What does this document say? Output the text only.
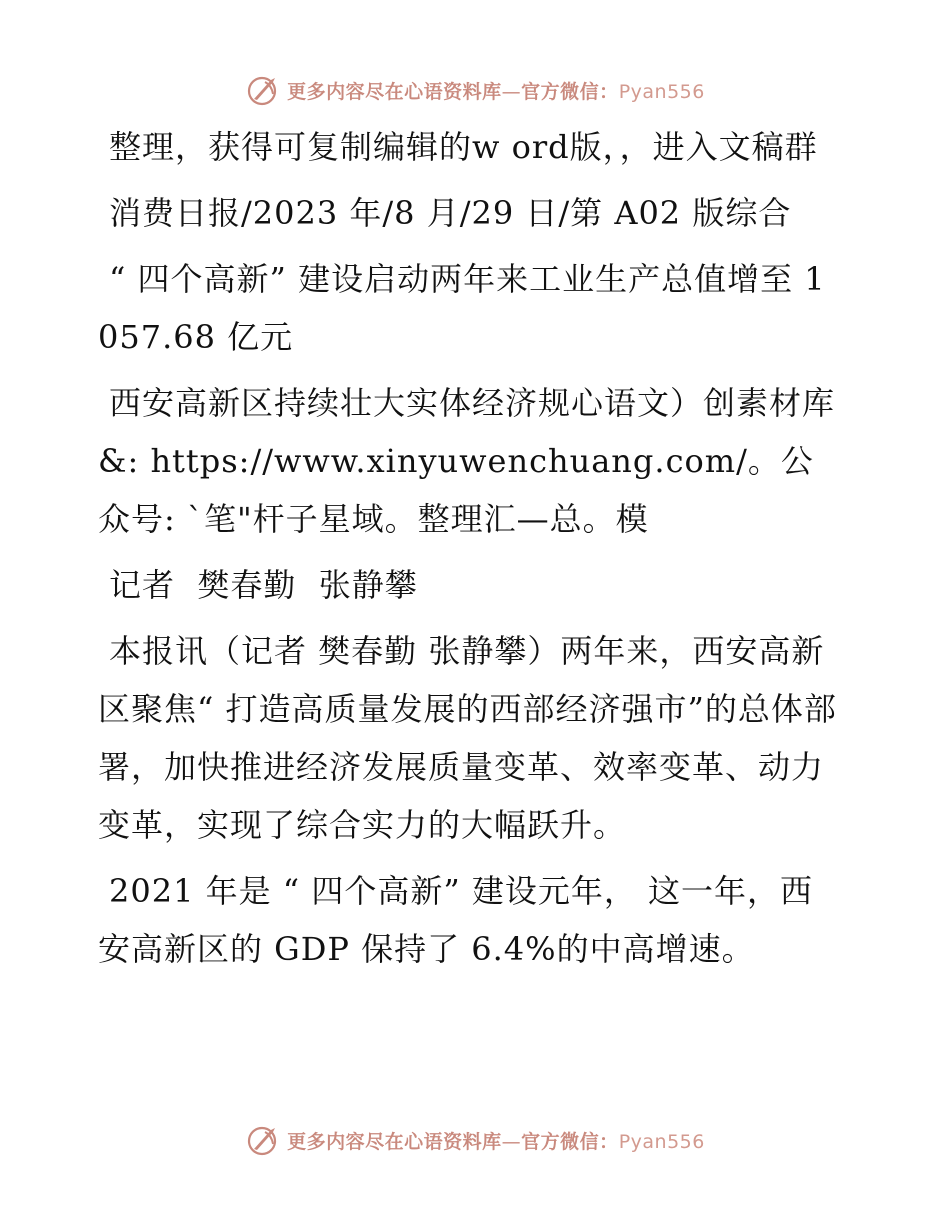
更多内容尽在心语资料库—官方微信：Pyan556

整理，获得可复制编辑的w ord版，，进入文稿群

消费日报/2023 年/8 月/29 日/第 A02 版综合

“ 四个高新” 建设启动两年来工业生产总值增至 1057.68 亿元

西安高新区持续壮大实体经济规心语文）创素材库&: https://www.xinyuwenchuang.com/。公众号: `笔"杆子星域。整理汇—总。模

记者  樊春勤  张静攀

本报讯（记者 樊春勤 张静攀）两年来，西安高新区聚焦“ 打造高质量发展的西部经济强市”的总体部署，加快推进经济发展质量变革、效率变革、动力变革，实现了综合实力的大幅跃升。

2021 年是 “ 四个高新” 建设元年， 这一年，西安高新区的 GDP 保持了 6.4%的中高增速。

更多内容尽在心语资料库—官方微信：Pyan556
